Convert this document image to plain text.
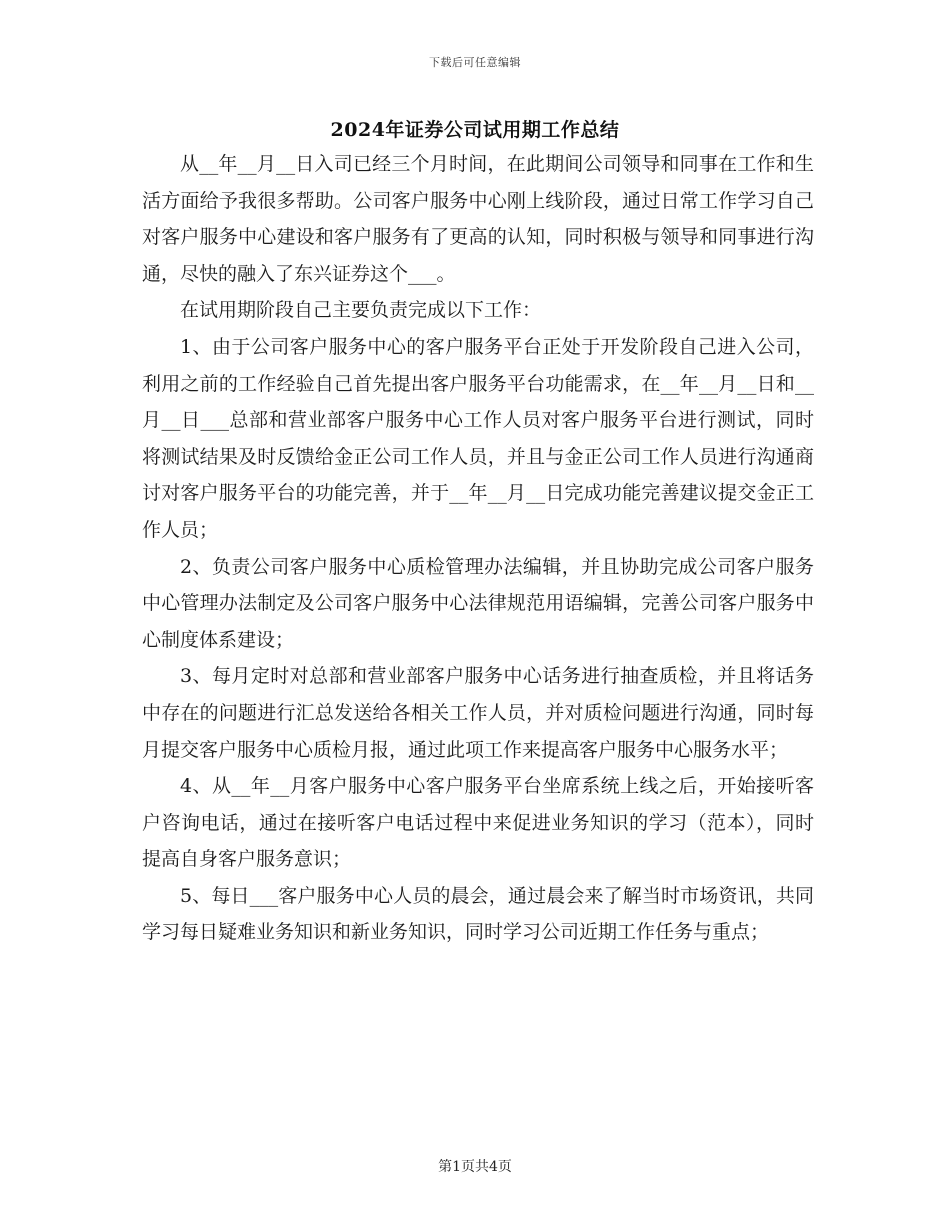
下载后可任意编辑
2024年证券公司试用期工作总结

从__年__月__日入司已经三个月时间，在此期间公司领导和同事在工作和生活方面给予我很多帮助。公司客户服务中心刚上线阶段，通过日常工作学习自己对客户服务中心建设和客户服务有了更高的认知，同时积极与领导和同事进行沟通，尽快的融入了东兴证券这个___。

在试用期阶段自己主要负责完成以下工作：

1、由于公司客户服务中心的客户服务平台正处于开发阶段自己进入公司，利用之前的工作经验自己首先提出客户服务平台功能需求，在__年__月__日和__月__日___总部和营业部客户服务中心工作人员对客户服务平台进行测试，同时将测试结果及时反馈给金正公司工作人员，并且与金正公司工作人员进行沟通商讨对客户服务平台的功能完善，并于__年__月__日完成功能完善建议提交金正工作人员；

2、负责公司客户服务中心质检管理办法编辑，并且协助完成公司客户服务中心管理办法制定及公司客户服务中心法律规范用语编辑，完善公司客户服务中心制度体系建设；

3、每月定时对总部和营业部客户服务中心话务进行抽查质检，并且将话务中存在的问题进行汇总发送给各相关工作人员，并对质检问题进行沟通，同时每月提交客户服务中心质检月报，通过此项工作来提高客户服务中心服务水平；

4、从__年__月客户服务中心客户服务平台坐席系统上线之后，开始接听客户咨询电话，通过在接听客户电话过程中来促进业务知识的学习（范本），同时提高自身客户服务意识；

5、每日___客户服务中心人员的晨会，通过晨会来了解当时市场资讯，共同学习每日疑难业务知识和新业务知识，同时学习公司近期工作任务与重点；

第1页共4页
